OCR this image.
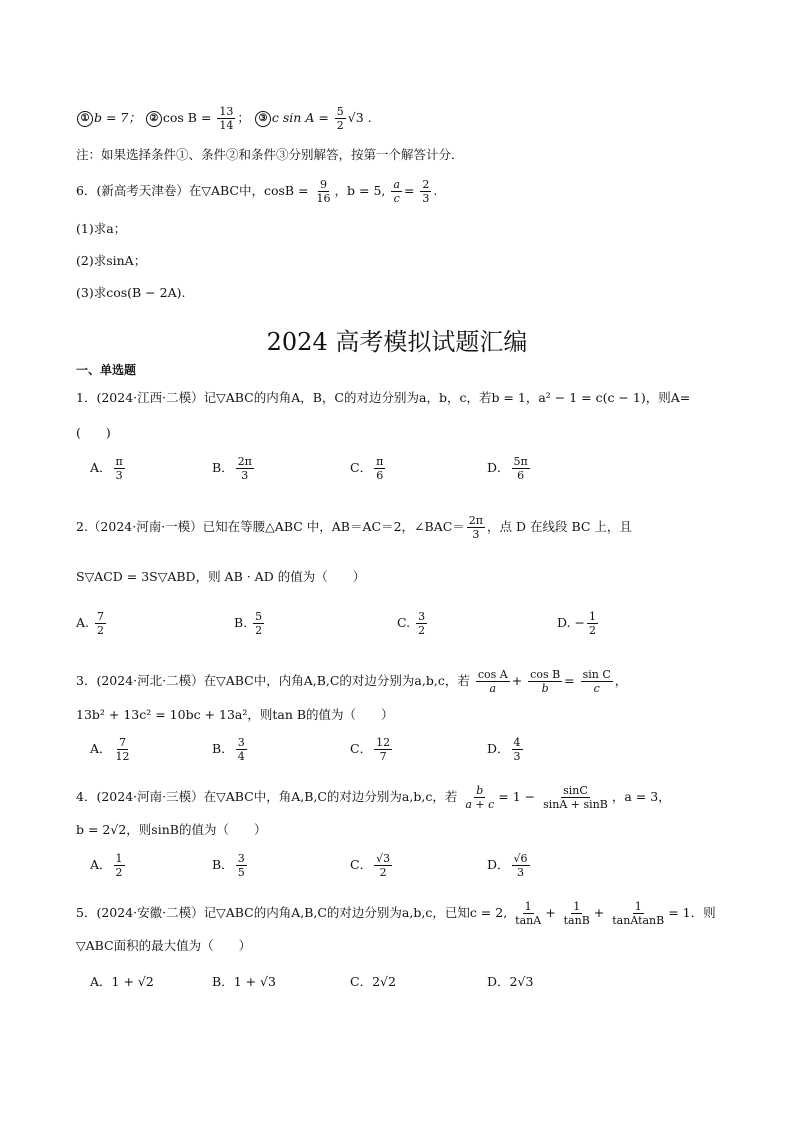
① b = 7； ② $\cos B = \frac{13}{14}$ ； ③ c $\sin A = \frac{5}{2} √3$ .
注：如果选择条件①、条件②和条件③分别解答，按第一个解答计分．
6．(新高考天津卷）在▽ABC中，$\cos B = \frac{9}{16}$ ，b = 5, $\frac{a}{c} = \frac{2}{3}$ .
(1)求a；
(2)求sinA；
(3)求cos(B − 2A).
2024 高考模拟试题汇编
一、单选题
1．(2024·江西·二模）记▽ABC的内角A，B，C的对边分别为a，b，c，若b = 1，a² − 1 = c(c − 1)，则A=
(　　)
A． $\frac{\pi}{3}$	B． $\frac{2\pi}{3}$	C． $\frac{\pi}{6}$	D． $\frac{5\pi}{6}$
2.（2024·河南·一模）已知在等腰△ABC 中，AB＝AC＝2，∠BAC＝ $\frac{2\pi}{3}$ ，点 D 在线段 BC 上，且
S▽ACD = 3S▽ABD，则 AB · AD 的值为（　　）
A. $\frac{7}{2}$	B. $\frac{5}{2}$	C. $\frac{3}{2}$	D. − $\frac{1}{2}$
3．(2024·河北·二模）在▽ABC中，内角A,B,C的对边分别为a,b,c，若 $\frac{\text{cos A}}{a} + \frac{\text{cos B}}{b} = \frac{\text{sin C}}{c}$ ，
13b² + 13c² = 10bc + 13a²，则tan B的值为（　　）
A． $\frac{7}{12}$	B． $\frac{3}{4}$	C． $\frac{12}{7}$	D． $\frac{4}{3}$
4．(2024·河南·三模）在▽ABC中，角A,B,C的对边分别为a,b,c，若 $\frac{b}{a + c} = 1 - \frac{\sin C}{\sin A + \sin B}$ ，a = 3，
b = 2√2，则sinB的值为（　　）
A． $\frac{1}{2}$	B． $\frac{3}{5}$	C． $\frac{√3}{2}$	D． $\frac{√6}{3}$
5．(2024·安徽·二模）记▽ABC的内角A,B,C的对边分别为a,b,c，已知c = 2, $\frac{1}{\tan A} + \frac{1}{\tan B} + \frac{1}{\text{tanAtanB}} = 1$．则
▽ABC面积的最大值为（　　）
A．1 + √2	B．1 + √3	C．2√2	D．2√3
